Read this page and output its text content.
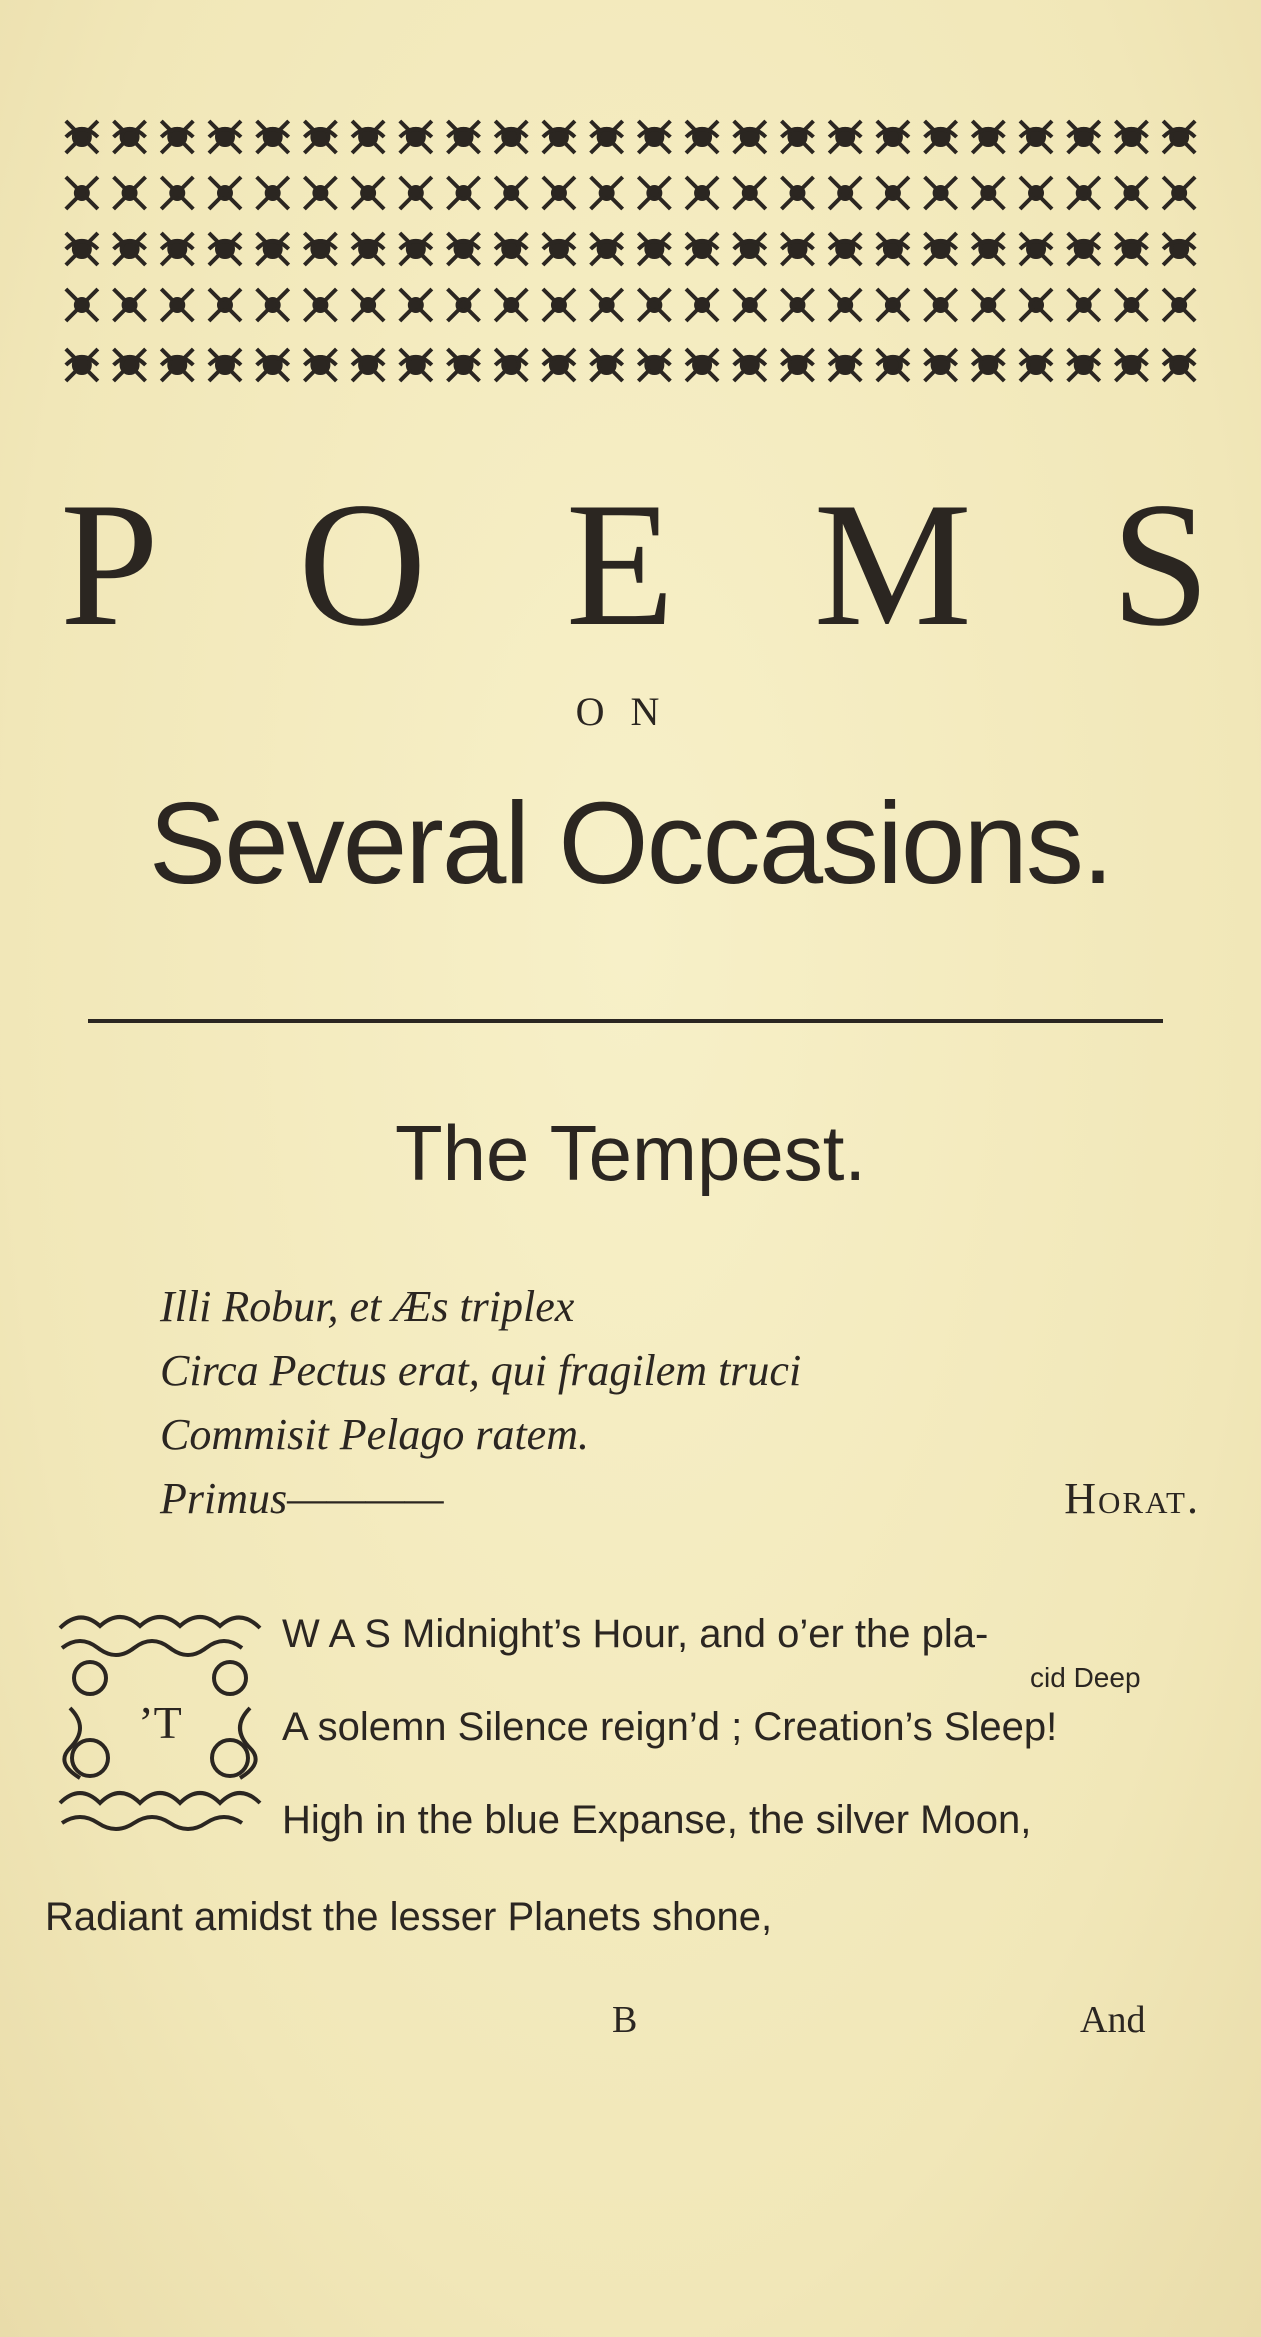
P O E M S
ON
Several Occasions.
The Tempest.
Illi Robur, et Æs triplex
Circa Pectus erat, qui fragilem truci
Commisit Pelago ratem.
Primus————	Horat.
’T
W A S Midnight’s Hour, and o’er the pla-
cid Deep
A solemn Silence reign’d ; Creation’s Sleep!
High in the blue Expanse, the silver Moon,
Radiant amidst the lesser Planets shone,
B	And
